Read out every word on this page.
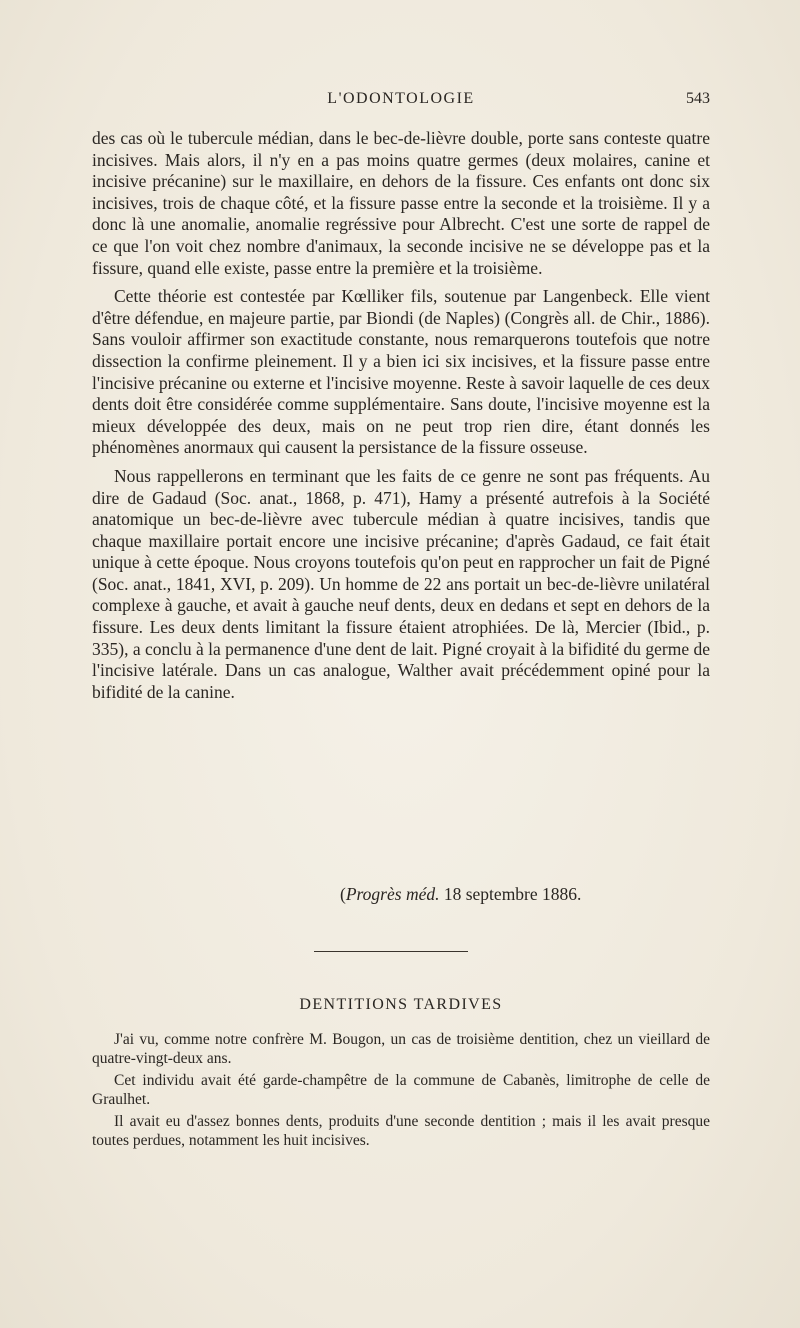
L'ODONTOLOGIE	543

des cas où le tubercule médian, dans le bec-de-lièvre double, porte sans conteste quatre incisives. Mais alors, il n'y en a pas moins quatre germes (deux molaires, canine et incisive précanine) sur le maxillaire, en dehors de la fissure. Ces enfants ont donc six incisives, trois de chaque côté, et la fissure passe entre la seconde et la troisième. Il y a donc là une anomalie, anomalie regréssive pour Albrecht. C'est une sorte de rappel de ce que l'on voit chez nombre d'animaux, la seconde incisive ne se développe pas et la fissure, quand elle existe, passe entre la première et la troisième.

Cette théorie est contestée par Kœlliker fils, soutenue par Langenbeck. Elle vient d'être défendue, en majeure partie, par Biondi (de Naples) (Congrès all. de Chir., 1886). Sans vouloir affirmer son exactitude constante, nous remarquerons toutefois que notre dissection la confirme pleinement. Il y a bien ici six incisives, et la fissure passe entre l'incisive précanine ou externe et l'incisive moyenne. Reste à savoir laquelle de ces deux dents doit être considérée comme supplémentaire. Sans doute, l'incisive moyenne est la mieux développée des deux, mais on ne peut trop rien dire, étant donnés les phénomènes anormaux qui causent la persistance de la fissure osseuse.

Nous rappellerons en terminant que les faits de ce genre ne sont pas fréquents. Au dire de Gadaud (Soc. anat., 1868, p. 471), Hamy a présenté autrefois à la Société anatomique un bec-de-lièvre avec tubercule médian à quatre incisives, tandis que chaque maxillaire portait encore une incisive précanine; d'après Gadaud, ce fait était unique à cette époque. Nous croyons toutefois qu'on peut en rapprocher un fait de Pigné (Soc. anat., 1841, XVI, p. 209). Un homme de 22 ans portait un bec-de-lièvre unilatéral complexe à gauche, et avait à gauche neuf dents, deux en dedans et sept en dehors de la fissure. Les deux dents limitant la fissure étaient atrophiées. De là, Mercier (Ibid., p. 335), a conclu à la permanence d'une dent de lait. Pigné croyait à la bifidité du germe de l'incisive latérale. Dans un cas analogue, Walther avait précédemment opiné pour la bifidité de la canine.

(Progrès méd. 18 septembre 1886.
DENTITIONS TARDIVES

J'ai vu, comme notre confrère M. Bougon, un cas de troisième dentition, chez un vieillard de quatre-vingt-deux ans.

Cet individu avait été garde-champêtre de la commune de Cabanès, limitrophe de celle de Graulhet.

Il avait eu d'assez bonnes dents, produits d'une seconde dentition ; mais il les avait presque toutes perdues, notamment les huit incisives.
